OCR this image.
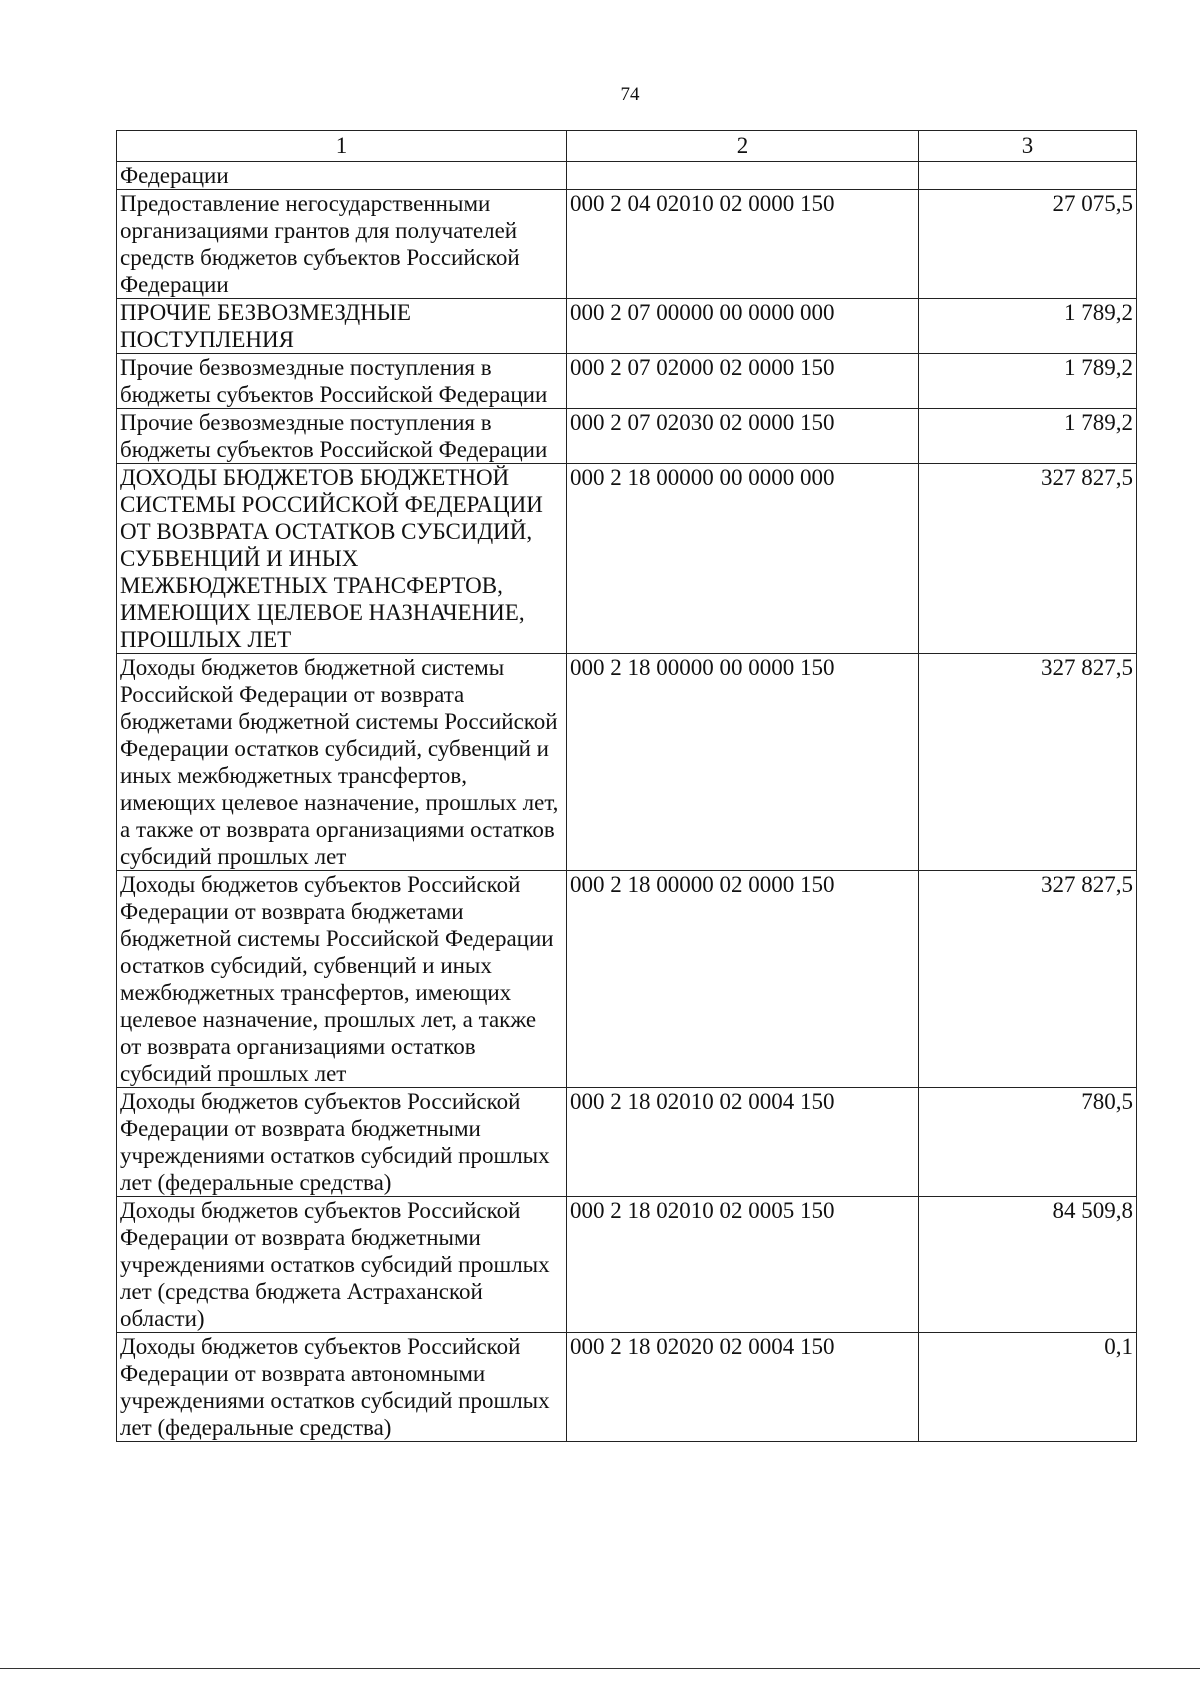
74
1	2	3
Федерации		
Предоставление негосударственными организациями грантов для получателей средств бюджетов субъектов Российской Федерации	000 2 04 02010 02 0000 150	27 075,5
ПРОЧИЕ БЕЗВОЗМЕЗДНЫЕ ПОСТУПЛЕНИЯ	000 2 07 00000 00 0000 000	1 789,2
Прочие безвозмездные поступления в бюджеты субъектов Российской Федерации	000 2 07 02000 02 0000 150	1 789,2
Прочие безвозмездные поступления в бюджеты субъектов Российской Федерации	000 2 07 02030 02 0000 150	1 789,2
ДОХОДЫ БЮДЖЕТОВ БЮДЖЕТНОЙ СИСТЕМЫ РОССИЙСКОЙ ФЕДЕРАЦИИ ОТ ВОЗВРАТА ОСТАТКОВ СУБСИДИЙ, СУБВЕНЦИЙ И ИНЫХ МЕЖБЮДЖЕТНЫХ ТРАНСФЕРТОВ, ИМЕЮЩИХ ЦЕЛЕВОЕ НАЗНАЧЕНИЕ, ПРОШЛЫХ ЛЕТ	000 2 18 00000 00 0000 000	327 827,5
Доходы бюджетов бюджетной системы Российской Федерации от возврата бюджетами бюджетной системы Российской Федерации остатков субсидий, субвенций и иных межбюджетных трансфертов, имеющих целевое назначение, прошлых лет, а также от возврата организациями остатков субсидий прошлых лет	000 2 18 00000 00 0000 150	327 827,5
Доходы бюджетов субъектов Российской Федерации от возврата бюджетами бюджетной системы Российской Федерации остатков субсидий, субвенций и иных межбюджетных трансфертов, имеющих целевое назначение, прошлых лет, а также от возврата организациями остатков субсидий прошлых лет	000 2 18 00000 02 0000 150	327 827,5
Доходы бюджетов субъектов Российской Федерации от возврата бюджетными учреждениями остатков субсидий прошлых лет (федеральные средства)	000 2 18 02010 02 0004 150	780,5
Доходы бюджетов субъектов Российской Федерации от возврата бюджетными учреждениями остатков субсидий прошлых лет (средства бюджета Астраханской области)	000 2 18 02010 02 0005 150	84 509,8
Доходы бюджетов субъектов Российской Федерации от возврата автономными учреждениями остатков субсидий прошлых лет (федеральные средства)	000 2 18 02020 02 0004 150	0,1
